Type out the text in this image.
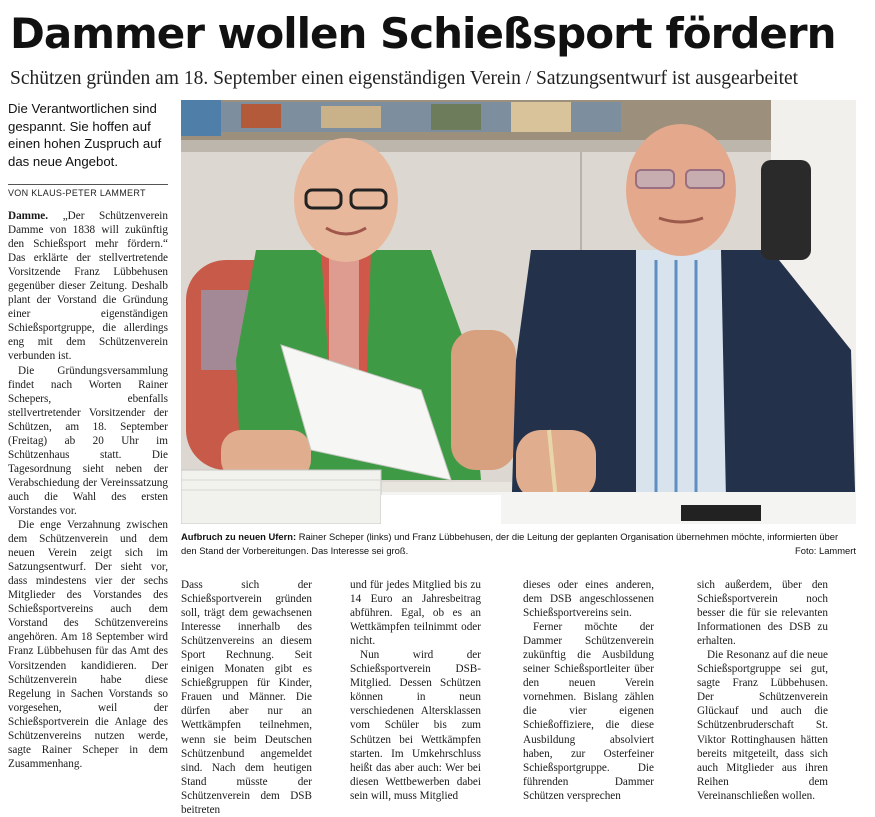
Dammer wollen Schießsport fördern
Schützen gründen am 18. September einen eigenständigen Verein / Satzungsentwurf ist ausgearbeitet
Die Verantwortlichen sind gespannt. Sie hoffen auf einen hohen Zuspruch auf das neue Angebot.
VON KLAUS-PETER LAMMERT

Damme. „Der Schützenverein Damme von 1838 will zukünftig den Schießsport mehr fördern.“ Das erklärte der stellvertretende Vorsitzende Franz Lübbehusen gegenüber dieser Zeitung. Deshalb plant der Vorstand die Gründung einer eigenständigen Schießsportgruppe, die allerdings eng mit dem Schützenverein verbunden ist.

Die Gründungsversammlung findet nach Worten Rainer Schepers, ebenfalls stellvertretender Vorsitzender der Schützen, am 18. September (Freitag) ab 20 Uhr im Schützenhaus statt. Die Tagesordnung sieht neben der Verabschiedung der Vereinssatzung auch die Wahl des ersten Vorstandes vor.

Die enge Verzahnung zwischen dem Schützenverein und dem neuen Verein zeigt sich im Satzungsentwurf. Der sieht vor, dass mindestens vier der sechs Mitglieder des Vorstandes des Schießsportvereins auch dem Vorstand des Schützenvereins angehören. Am 18 September wird Franz Lübbehusen für das Amt des Vorsitzenden kandidieren. Der Schützenverein habe diese Regelung in Sachen Vorstands so vorgesehen, weil der Schießsportverein die Anlage des Schützenvereins nutzen werde, sagte Rainer Scheper in dem Zusammenhang.

Aufbruch zu neuen Ufern: Rainer Scheper (links) und Franz Lübbehusen, der die Leitung der geplanten Organisation übernehmen möchte, informierten über den Stand der Vorbereitungen. Das Interesse sei groß.	Foto: Lammert

Dass sich der Schießsportverein gründen soll, trägt dem gewachsenen Interesse innerhalb des Schützenvereins an diesem Sport Rechnung. Seit einigen Monaten gibt es Schießgruppen für Kinder, Frauen und Männer. Die dürfen aber nur an Wettkämpfen teilnehmen, wenn sie beim Deutschen Schützenbund angemeldet sind. Nach dem heutigen Stand müsste der Schützenverein dem DSB beitreten

und für jedes Mitglied bis zu 14 Euro an Jahresbeitrag abführen. Egal, ob es an Wettkämpfen teilnimmt oder nicht.

Nun wird der Schießsportverein DSB-Mitglied. Dessen Schützen können in neun verschiedenen Altersklassen vom Schüler bis zum Schützen bei Wettkämpfen starten. Im Umkehrschluss heißt das aber auch: Wer bei diesen Wettbewerben dabei sein will, muss Mitglied

dieses oder eines anderen, dem DSB angeschlossenen Schießsportvereins sein.

Ferner möchte der Dammer Schützenverein zukünftig die Ausbildung seiner Schießsportleiter über den neuen Verein vornehmen. Bislang zählen die vier eigenen Schießoffiziere, die diese Ausbildung absolviert haben, zur Osterfeiner Schießsportgruppe. Die führenden Dammer Schützen versprechen

sich außerdem, über den Schießsportverein noch besser die für sie relevanten Informationen des DSB zu erhalten.

Die Resonanz auf die neue Schießsportgruppe sei gut, sagte Franz Lübbehusen. Der Schützenverein Glückauf und auch die Schützenbruderschaft St. Viktor Rottinghausen hätten bereits mitgeteilt, dass sich auch Mitglieder aus ihren Reihen dem Vereinanschließen wollen.
